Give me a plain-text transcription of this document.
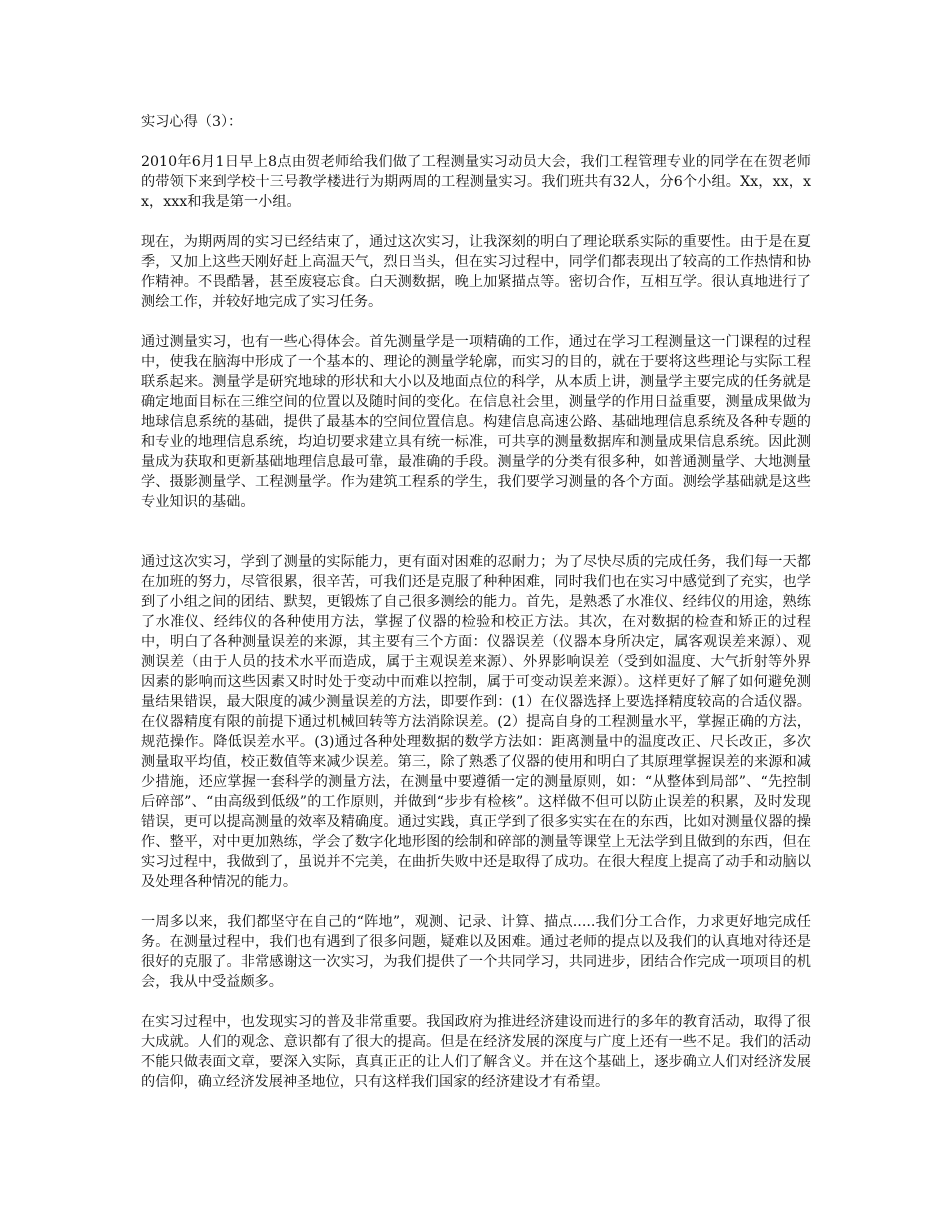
实习心得（3）：

2010年6月1日早上8点由贺老师给我们做了工程测量实习动员大会，我们工程管理专业的同学在在贺老师的带领下来到学校十三号教学楼进行为期两周的工程测量实习。我们班共有32人，分6个小组。Xx，xx，xx，xxx和我是第一小组。

现在，为期两周的实习已经结束了，通过这次实习，让我深刻的明白了理论联系实际的重要性。由于是在夏季，又加上这些天刚好赶上高温天气，烈日当头，但在实习过程中，同学们都表现出了较高的工作热情和协作精神。不畏酷暑，甚至废寝忘食。白天测数据，晚上加紧描点等。密切合作，互相互学。很认真地进行了测绘工作，并较好地完成了实习任务。

通过测量实习，也有一些心得体会。首先测量学是一项精确的工作，通过在学习工程测量这一门课程的过程中，使我在脑海中形成了一个基本的、理论的测量学轮廓，而实习的目的，就在于要将这些理论与实际工程联系起来。测量学是研究地球的形状和大小以及地面点位的科学，从本质上讲，测量学主要完成的任务就是确定地面目标在三维空间的位置以及随时间的变化。在信息社会里，测量学的作用日益重要，测量成果做为地球信息系统的基础，提供了最基本的空间位置信息。构建信息高速公路、基础地理信息系统及各种专题的和专业的地理信息系统，均迫切要求建立具有统一标准，可共享的测量数据库和测量成果信息系统。因此测量成为获取和更新基础地理信息最可靠，最准确的手段。测量学的分类有很多种，如普通测量学、大地测量学、摄影测量学、工程测量学。作为建筑工程系的学生，我们要学习测量的各个方面。测绘学基础就是这些专业知识的基础。

通过这次实习，学到了测量的实际能力，更有面对困难的忍耐力；为了尽快尽质的完成任务，我们每一天都在加班的努力，尽管很累，很辛苦，可我们还是克服了种种困难，同时我们也在实习中感觉到了充实，也学到了小组之间的团结、默契，更锻炼了自己很多测绘的能力。首先，是熟悉了水准仪、经纬仪的用途，熟练了水准仪、经纬仪的各种使用方法，掌握了仪器的检验和校正方法。其次，在对数据的检查和矫正的过程中，明白了各种测量误差的来源，其主要有三个方面：仪器误差（仪器本身所决定，属客观误差来源）、观测误差（由于人员的技术水平而造成，属于主观误差来源）、外界影响误差（受到如温度、大气折射等外界因素的影响而这些因素又时时处于变动中而难以控制，属于可变动误差来源）。这样更好了解了如何避免测量结果错误，最大限度的减少测量误差的方法，即要作到：(1）在仪器选择上要选择精度较高的合适仪器。在仪器精度有限的前提下通过机械回转等方法消除误差。(2）提高自身的工程测量水平，掌握正确的方法，规范操作。降低误差水平。(3)通过各种处理数据的数学方法如：距离测量中的温度改正、尺长改正，多次测量取平均值，校正数值等来减少误差。第三，除了熟悉了仪器的使用和明白了其原理掌握误差的来源和减少措施，还应掌握一套科学的测量方法，在测量中要遵循一定的测量原则，如：“从整体到局部”、“先控制后碎部”、“由高级到低级”的工作原则，并做到“步步有检核”。这样做不但可以防止误差的积累，及时发现错误，更可以提高测量的效率及精确度。通过实践，真正学到了很多实实在在的东西，比如对测量仪器的操作、整平，对中更加熟练，学会了数字化地形图的绘制和碎部的测量等课堂上无法学到且做到的东西，但在实习过程中，我做到了，虽说并不完美，在曲折失败中还是取得了成功。在很大程度上提高了动手和动脑以及处理各种情况的能力。

一周多以来，我们都坚守在自己的“阵地”，观测、记录、计算、描点.....我们分工合作，力求更好地完成任务。在测量过程中，我们也有遇到了很多问题，疑难以及困难。通过老师的提点以及我们的认真地对待还是很好的克服了。非常感谢这一次实习，为我们提供了一个共同学习，共同进步，团结合作完成一项项目的机会，我从中受益颇多。

在实习过程中，也发现实习的普及非常重要。我国政府为推进经济建设而进行的多年的教育活动，取得了很大成就。人们的观念、意识都有了很大的提高。但是在经济发展的深度与广度上还有一些不足。我们的活动不能只做表面文章，要深入实际，真真正正的让人们了解含义。并在这个基础上，逐步确立人们对经济发展的信仰，确立经济发展神圣地位，只有这样我们国家的经济建设才有希望。
